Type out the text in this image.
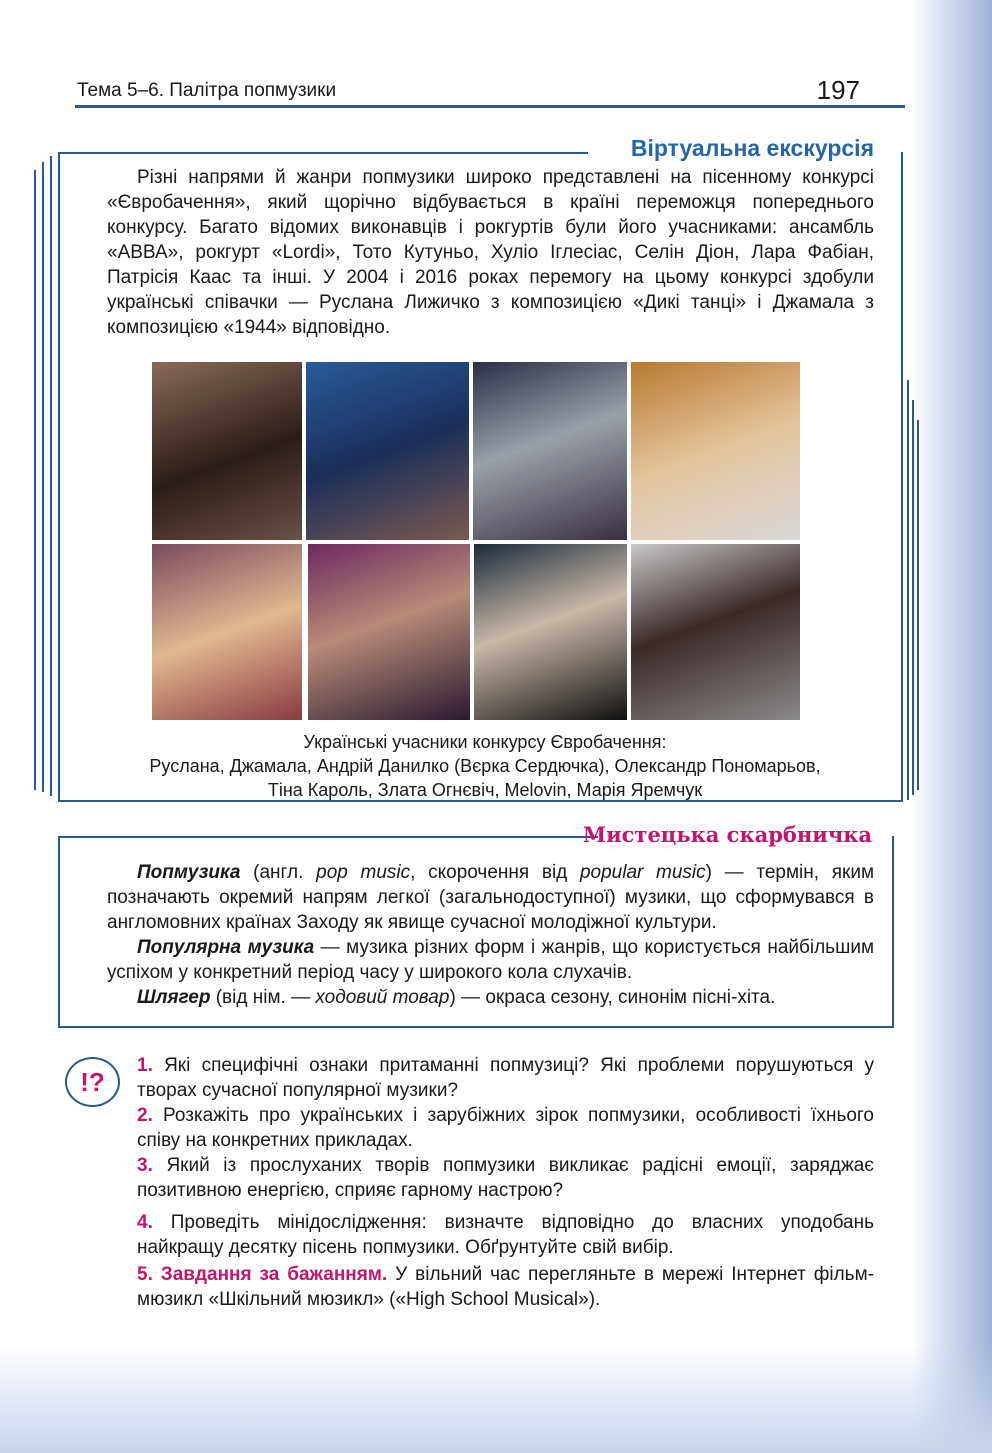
Тема 5–6. Палітра попмузики	197
Віртуальна екскурсія
Різні напрями й жанри попмузики широко представлені на пісенному конкурсі «Євробачення», який щорічно відбувається в країні переможця попереднього конкурсу. Багато відомих виконавців і рокгуртів були його учасниками: ансамбль «АВВА», рокгурт «Lordi», Тото Кутуньо, Хуліо Іглесіас, Селін Діон, Лара Фабіан, Патрісія Каас та інші. У 2004 і 2016 роках перемогу на цьому конкурсі здобули українські співачки — Руслана Лижичко з композицією «Дикі танці» і Джамала з композицією «1944» відповідно.
Українські учасники конкурсу Євробачення:
Руслана, Джамала, Андрій Данилко (Вєрка Сердючка), Олександр Пономарьов,
Тіна Кароль, Злата Огнєвіч, Melovin, Марія Яремчук
Мистецька скарбничка
Попмузика (англ. pop music, скорочення від popular music) — термін, яким позначають окремий напрям легкої (загальнодоступної) музики, що сформувався в англомовних країнах Заходу як явище сучасної молодіжної культури.
Популярна музика — музика різних форм і жанрів, що користується найбільшим успіхом у конкретний період часу у широкого кола слухачів.
Шлягер (від нім. — ходовий товар) — окраса сезону, синонім пісні-хіта.
!?
1. Які специфічні ознаки притаманні попмузиці? Які проблеми порушуються у творах сучасної популярної музики?
2. Розкажіть про українських і зарубіжних зірок попмузики, особливості їхнього співу на конкретних прикладах.
3. Який із прослуханих творів попмузики викликає радісні емоції, заряджає позитивною енергією, сприяє гарному настрою?
4. Проведіть мінідослідження: визначте відповідно до власних уподобань найкращу десятку пісень попмузики. Обґрунтуйте свій вибір.
5. Завдання за бажанням. У вільний час перегляньте в мережі Інтернет фільм-мюзикл «Шкільний мюзикл» («High School Musical»).
